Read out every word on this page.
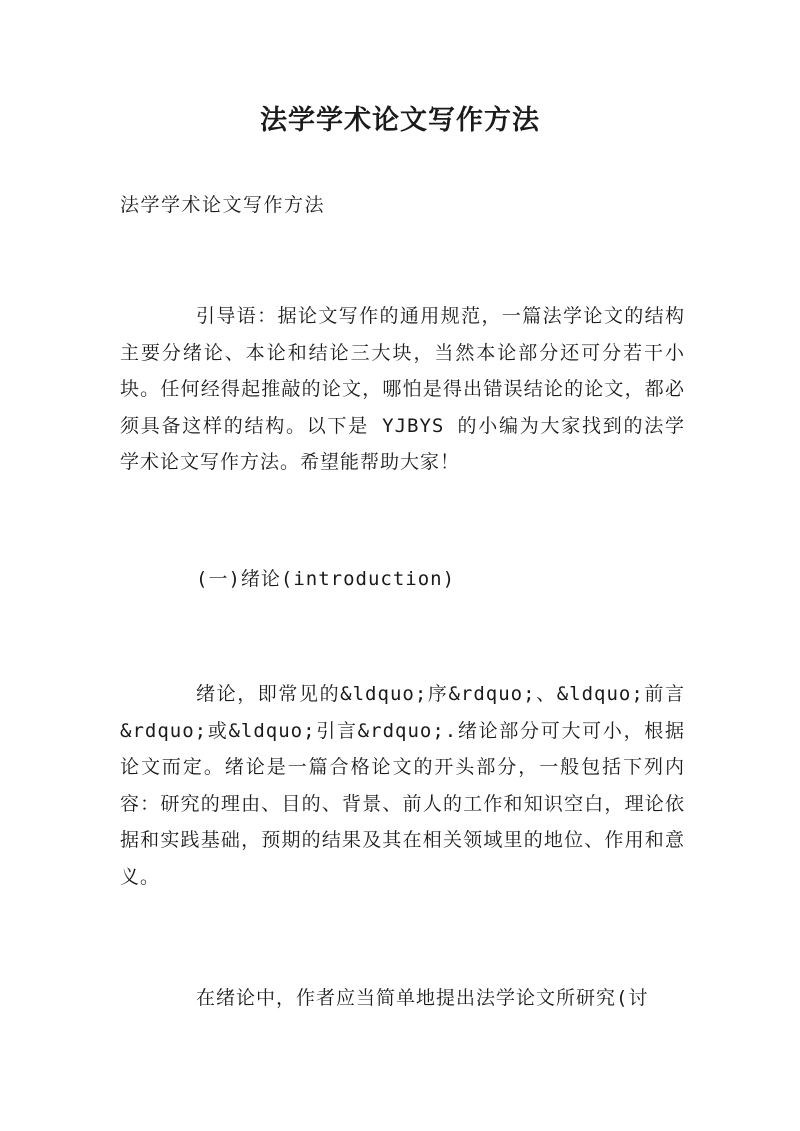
法学学术论文写作方法
法学学术论文写作方法
引导语：据论文写作的通用规范，一篇法学论文的结构主要分绪论、本论和结论三大块，当然本论部分还可分若干小块。任何经得起推敲的论文，哪怕是得出错误结论的论文，都必须具备这样的结构。以下是 YJBYS 的小编为大家找到的法学学术论文写作方法。希望能帮助大家！
(一)绪论(introduction)
绪论，即常见的&ldquo;序&rdquo;、&ldquo;前言&rdquo;或&ldquo;引言&rdquo;.绪论部分可大可小，根据论文而定。绪论是一篇合格论文的开头部分，一般包括下列内容：研究的理由、目的、背景、前人的工作和知识空白，理论依据和实践基础，预期的结果及其在相关领域里的地位、作用和意义。
在绪论中，作者应当简单地提出法学论文所研究(讨
